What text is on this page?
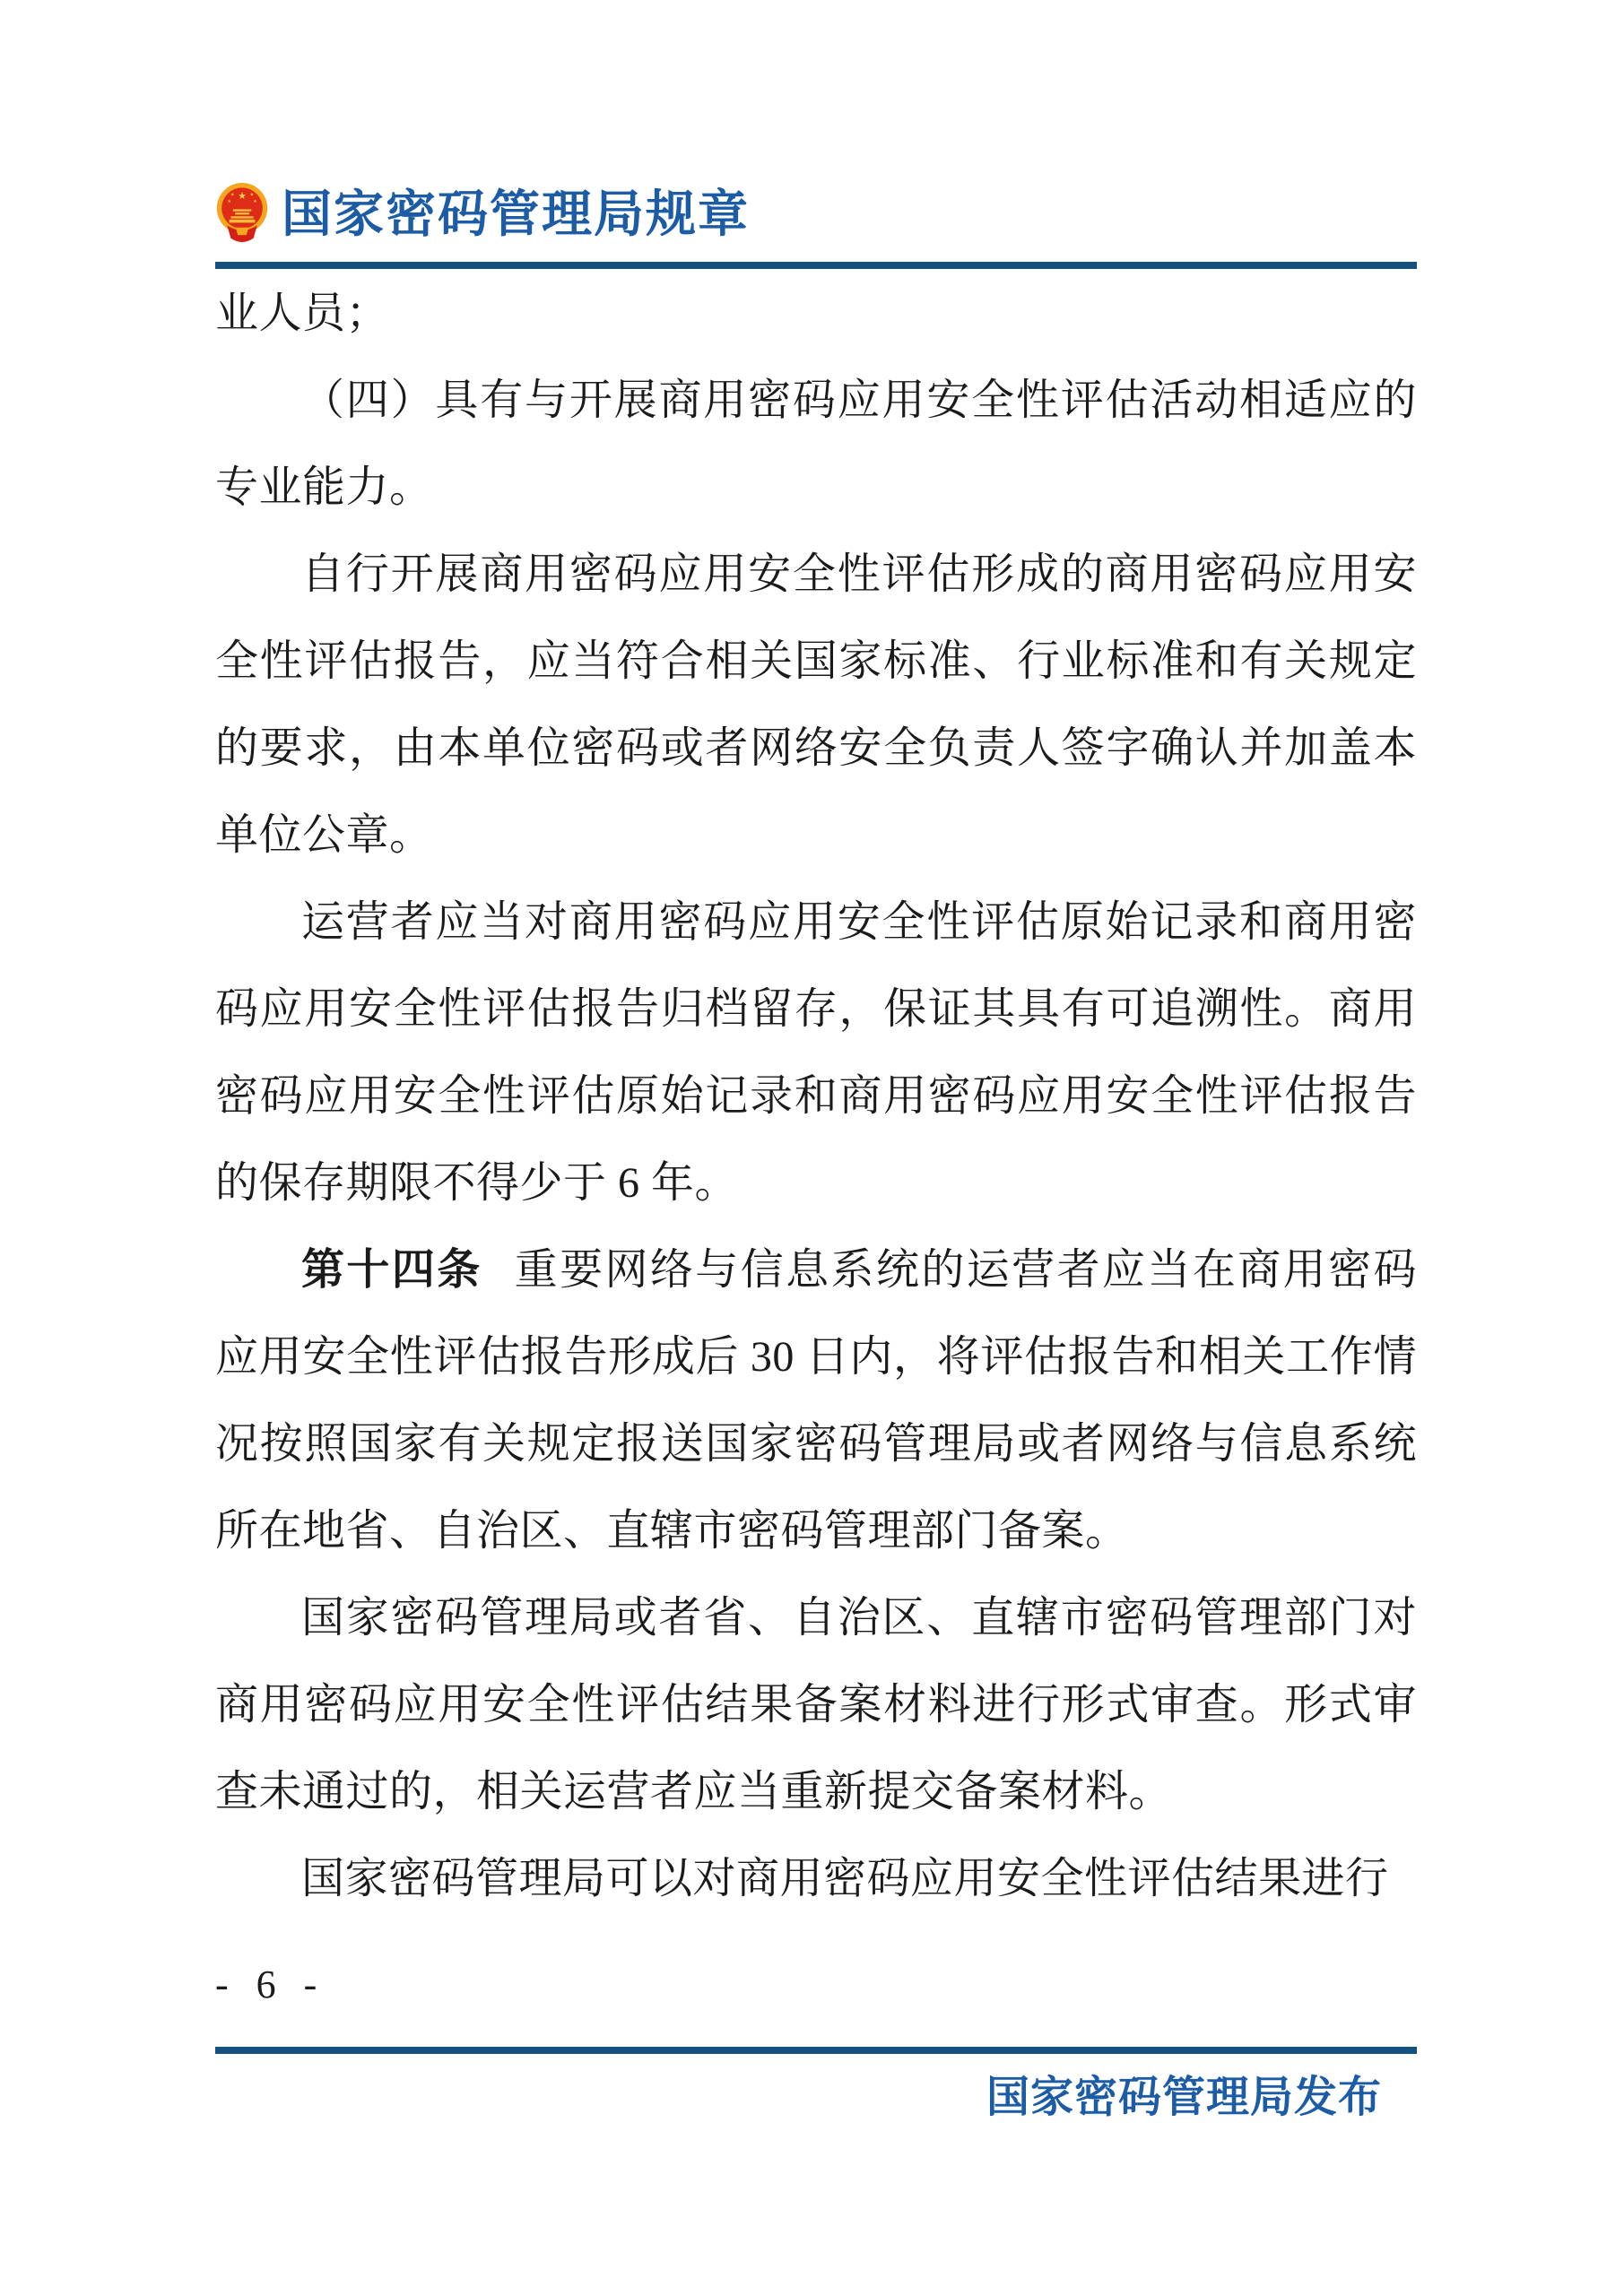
★
★ ★
★	★ 国家密码管理局规章

业人员；

（四）具有与开展商用密码应用安全性评估活动相适应的专业能力。

自行开展商用密码应用安全性评估形成的商用密码应用安全性评估报告，应当符合相关国家标准、行业标准和有关规定的要求，由本单位密码或者网络安全负责人签字确认并加盖本单位公章。

运营者应当对商用密码应用安全性评估原始记录和商用密码应用安全性评估报告归档留存，保证其具有可追溯性。商用密码应用安全性评估原始记录和商用密码应用安全性评估报告的保存期限不得少于 6 年。

第十四条 重要网络与信息系统的运营者应当在商用密码应用安全性评估报告形成后 30 日内，将评估报告和相关工作情况按照国家有关规定报送国家密码管理局或者网络与信息系统所在地省、自治区、直辖市密码管理部门备案。

国家密码管理局或者省、自治区、直辖市密码管理部门对商用密码应用安全性评估结果备案材料进行形式审查。形式审查未通过的，相关运营者应当重新提交备案材料。

国家密码管理局可以对商用密码应用安全性评估结果进行

- 6 -
国家密码管理局发布
